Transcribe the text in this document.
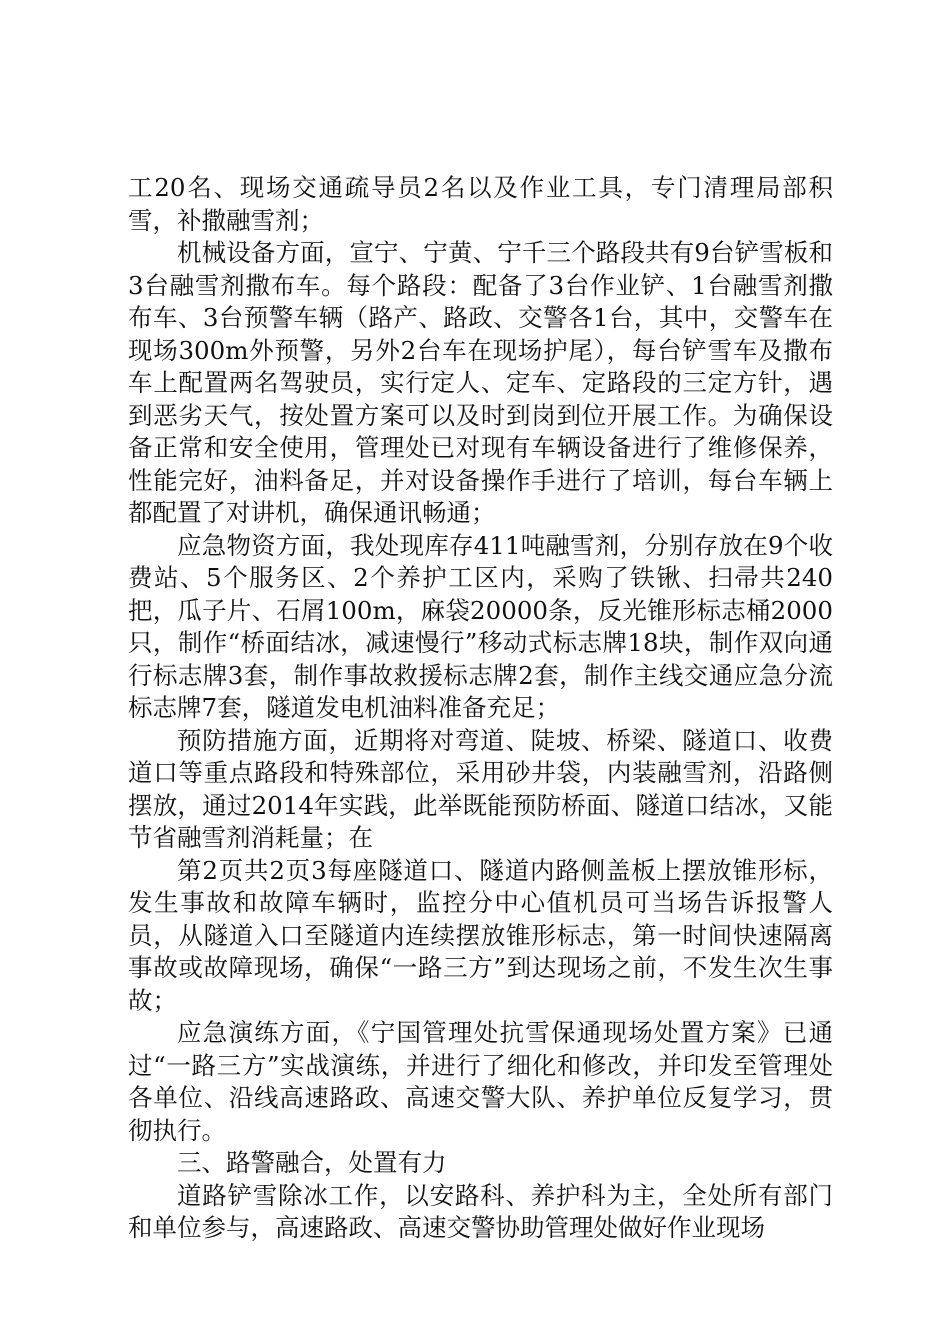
工20名、现场交通疏导员2名以及作业工具，专门清理局部积雪，补撒融雪剂；

机械设备方面，宣宁、宁黄、宁千三个路段共有9台铲雪板和3台融雪剂撒布车。每个路段：配备了3台作业铲、1台融雪剂撒布车、3台预警车辆（路产、路政、交警各1台，其中，交警车在现场300m外预警，另外2台车在现场护尾），每台铲雪车及撒布车上配置两名驾驶员，实行定人、定车、定路段的三定方针，遇到恶劣天气，按处置方案可以及时到岗到位开展工作。为确保设备正常和安全使用，管理处已对现有车辆设备进行了维修保养，性能完好，油料备足，并对设备操作手进行了培训，每台车辆上都配置了对讲机，确保通讯畅通；

应急物资方面，我处现库存411吨融雪剂，分别存放在9个收费站、5个服务区、2个养护工区内，采购了铁锹、扫帚共240把，瓜子片、石屑100m，麻袋20000条，反光锥形标志桶2000只，制作“桥面结冰，减速慢行”移动式标志牌18块，制作双向通行标志牌3套，制作事故救援标志牌2套，制作主线交通应急分流标志牌7套，隧道发电机油料准备充足；

预防措施方面，近期将对弯道、陡坡、桥梁、隧道口、收费道口等重点路段和特殊部位，采用砂井袋，内装融雪剂，沿路侧摆放，通过2014年实践，此举既能预防桥面、隧道口结冰，又能节省融雪剂消耗量；在

第2页共2页3每座隧道口、隧道内路侧盖板上摆放锥形标，发生事故和故障车辆时，监控分中心值机员可当场告诉报警人员，从隧道入口至隧道内连续摆放锥形标志，第一时间快速隔离事故或故障现场，确保“一路三方”到达现场之前，不发生次生事故；

应急演练方面，《宁国管理处抗雪保通现场处置方案》已通过“一路三方”实战演练，并进行了细化和修改，并印发至管理处各单位、沿线高速路政、高速交警大队、养护单位反复学习，贯彻执行。

三、路警融合，处置有力

道路铲雪除冰工作，以安路科、养护科为主，全处所有部门和单位参与，高速路政、高速交警协助管理处做好作业现场
